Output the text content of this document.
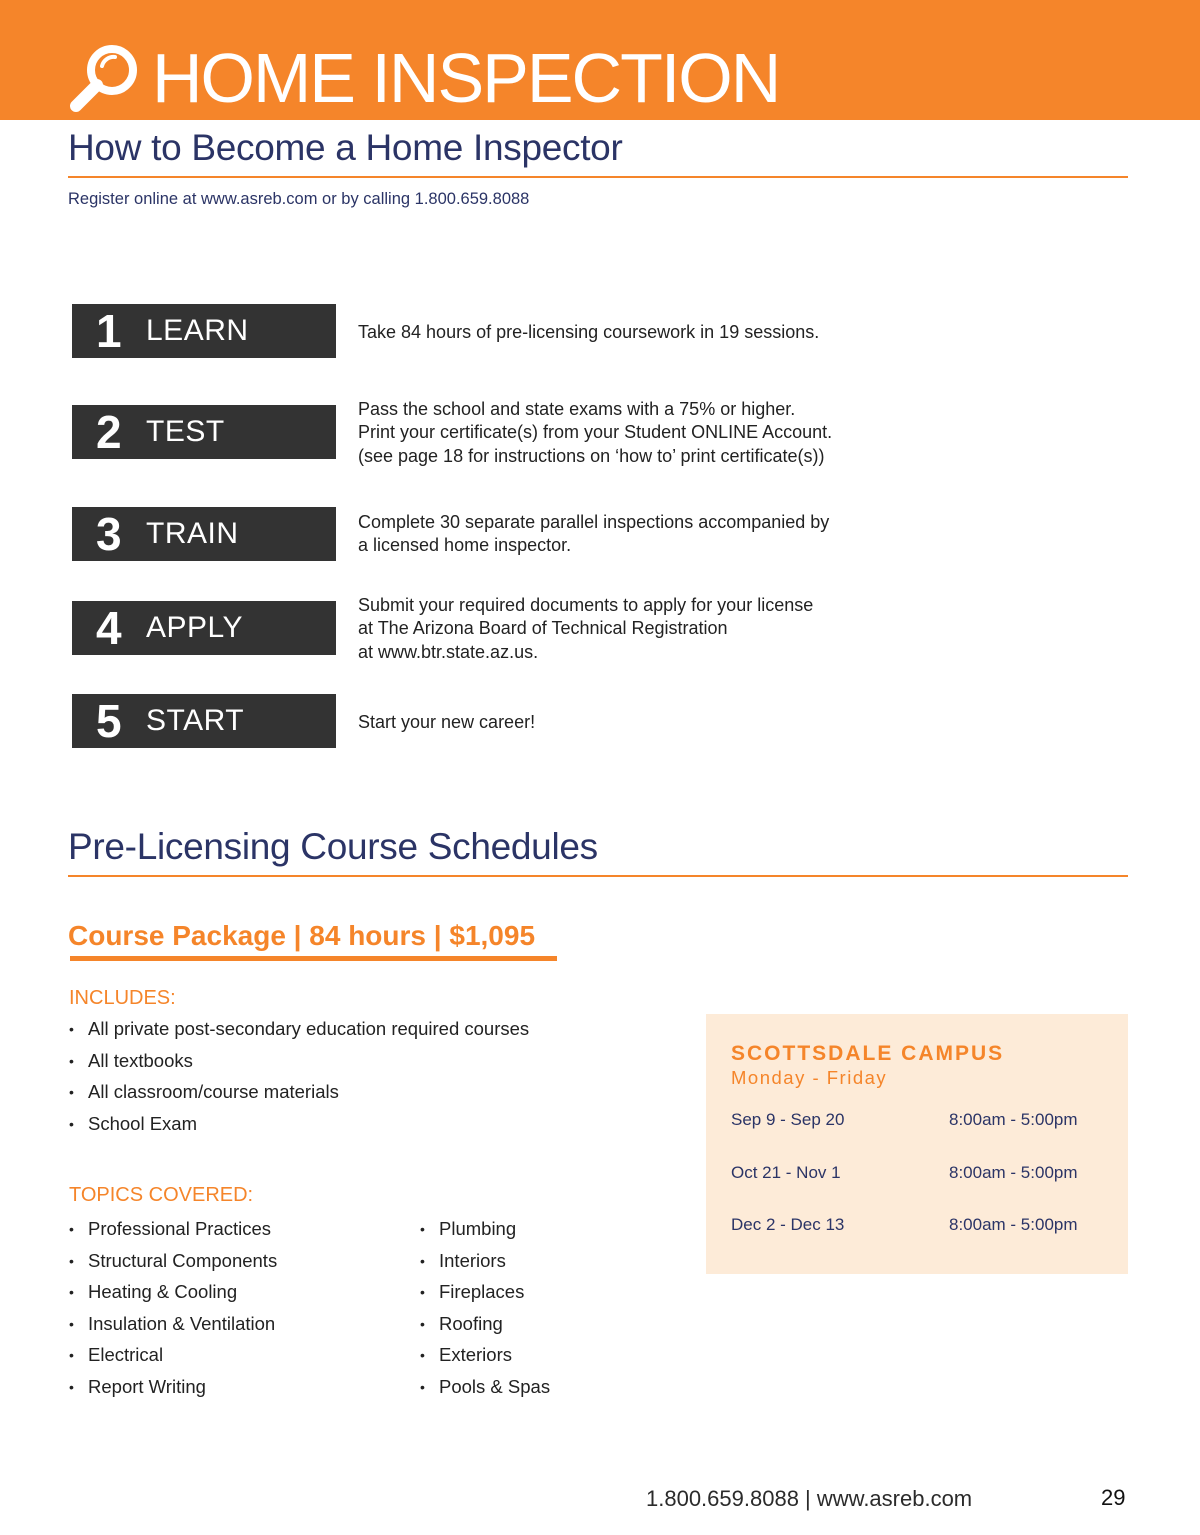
HOME INSPECTION
How to Become a Home Inspector
Register online at www.asreb.com or by calling 1.800.659.8088
1 LEARN	Take 84 hours of pre-licensing coursework in 19 sessions.
2 TEST
Pass the school and state exams with a 75% or higher.
Print your certificate(s) from your Student ONLINE Account.
(see page 18 for instructions on ‘how to’ print certificate(s))
3 TRAIN	Complete 30 separate parallel inspections accompanied by
a licensed home inspector.
4 APPLY
Submit your required documents to apply for your license
at The Arizona Board of Technical Registration
at www.btr.state.az.us.
5 START	Start your new career!
Pre-Licensing Course Schedules
Course Package | 84 hours | $1,095
INCLUDES:
• All private post-secondary education required courses
• All textbooks
• All classroom/course materials
• School Exam
TOPICS COVERED:
• Professional Practices
• Structural Components
• Heating & Cooling
• Insulation & Ventilation
• Electrical
• Report Writing
• Plumbing
• Interiors
• Fireplaces
• Roofing
• Exteriors
• Pools & Spas
SCOTTSDALE CAMPUS
Monday - Friday
Sep 9 - Sep 20	8:00am - 5:00pm
Oct 21 - Nov 1	8:00am - 5:00pm
Dec 2 - Dec 13	8:00am - 5:00pm
1.800.659.8088 | www.asreb.com	29
